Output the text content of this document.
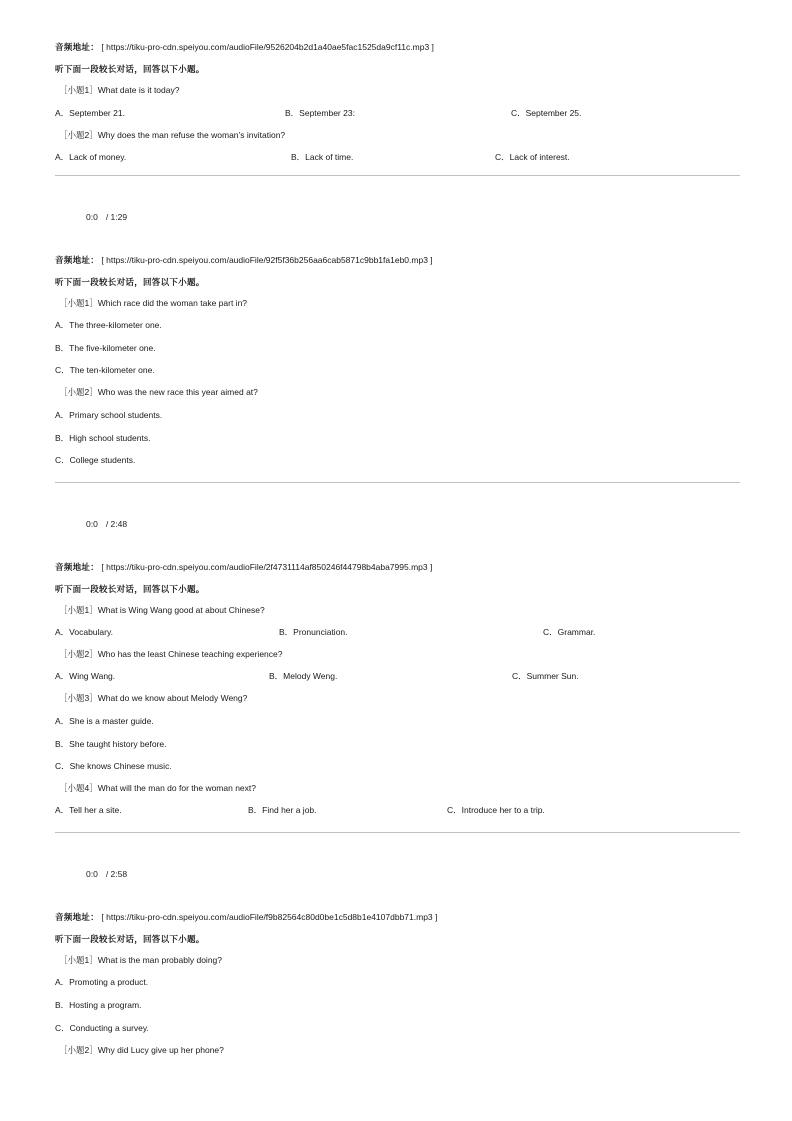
音频地址： [ https://tiku-pro-cdn.speiyou.com/audioFile/9526204b2d1a40ae5fac1525da9cf11c.mp3 ]
听下面一段较长对话，回答以下小题。
［小题1］What date is it today?
A．September 21.	B．September 23:	C．September 25.
［小题2］Why does the man refuse the woman’s invitation?
A．Lack of money.	B．Lack of time.	C．Lack of interest.
0:0 / 1:29
音频地址： [ https://tiku-pro-cdn.speiyou.com/audioFile/92f5f36b256aa6cab5871c9bb1fa1eb0.mp3 ]
听下面一段较长对话，回答以下小题。
［小题1］Which race did the woman take part in?
A．The three-kilometer one.
B．The five-kilometer one.
C．The ten-kilometer one.
［小题2］Who was the new race this year aimed at?
A．Primary school students.
B．High school students.
C．College students.
0:0 / 2:48
音频地址： [ https://tiku-pro-cdn.speiyou.com/audioFile/2f4731114af850246f44798b4aba7995.mp3 ]
听下面一段较长对话，回答以下小题。
［小题1］What is Wing Wang good at about Chinese?
A．Vocabulary.	B．Pronunciation.	C．Grammar.
［小题2］Who has the least Chinese teaching experience?
A．Wing Wang.	B．Melody Weng.	C．Summer Sun.
［小题3］What do we know about Melody Weng?
A．She is a master guide.
B．She taught history before.
C．She knows Chinese music.
［小题4］What will the man do for the woman next?
A．Tell her a site.	B．Find her a job.	C．Introduce her to a trip.
0:0 / 2:58
音频地址： [ https://tiku-pro-cdn.speiyou.com/audioFile/f9b82564c80d0be1c5d8b1e4107dbb71.mp3 ]
听下面一段较长对话，回答以下小题。
［小题1］What is the man probably doing?
A．Promoting a product.
B．Hosting a program.
C．Conducting a survey.
［小题2］Why did Lucy give up her phone?
